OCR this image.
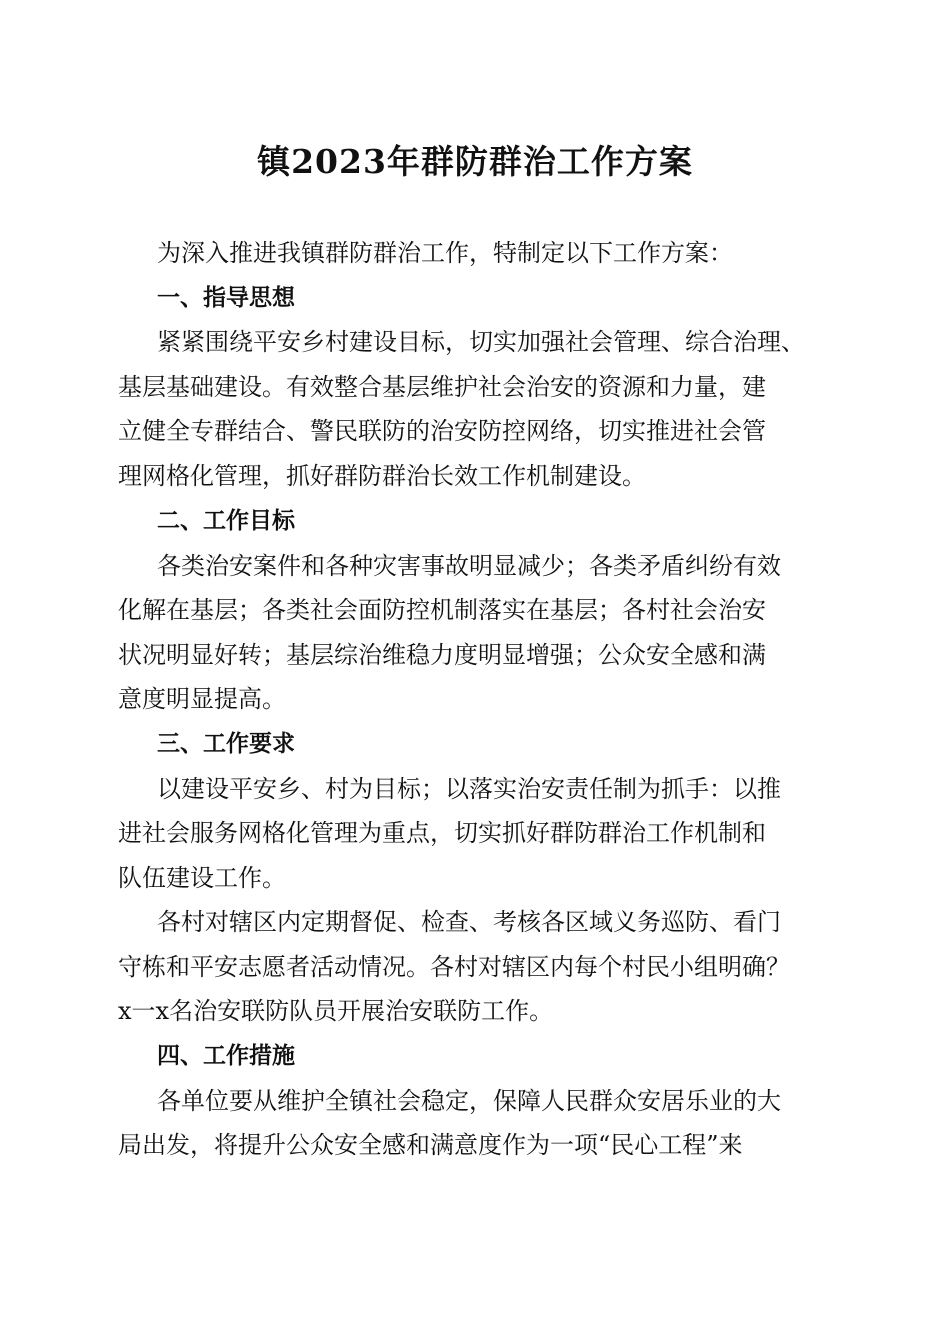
镇2023年群防群治工作方案
为深入推进我镇群防群治工作，特制定以下工作方案：
一、指导思想
紧紧围绕平安乡村建设目标，切实加强社会管理、综合治理、
基层基础建设。有效整合基层维护社会治安的资源和力量，建
立健全专群结合、警民联防的治安防控网络，切实推进社会管
理网格化管理，抓好群防群治长效工作机制建设。
二、工作目标
各类治安案件和各种灾害事故明显减少；各类矛盾纠纷有效
化解在基层；各类社会面防控机制落实在基层；各村社会治安
状况明显好转；基层综治维稳力度明显增强；公众安全感和满
意度明显提高。
三、工作要求
以建设平安乡、村为目标；以落实治安责任制为抓手：以推
进社会服务网格化管理为重点，切实抓好群防群治工作机制和
队伍建设工作。
各村对辖区内定期督促、检查、考核各区域义务巡防、看门
守栋和平安志愿者活动情况。各村对辖区内每个村民小组明确？
x一x名治安联防队员开展治安联防工作。
四、工作措施
各单位要从维护全镇社会稳定，保障人民群众安居乐业的大
局出发，将提升公众安全感和满意度作为一项“民心工程”来
